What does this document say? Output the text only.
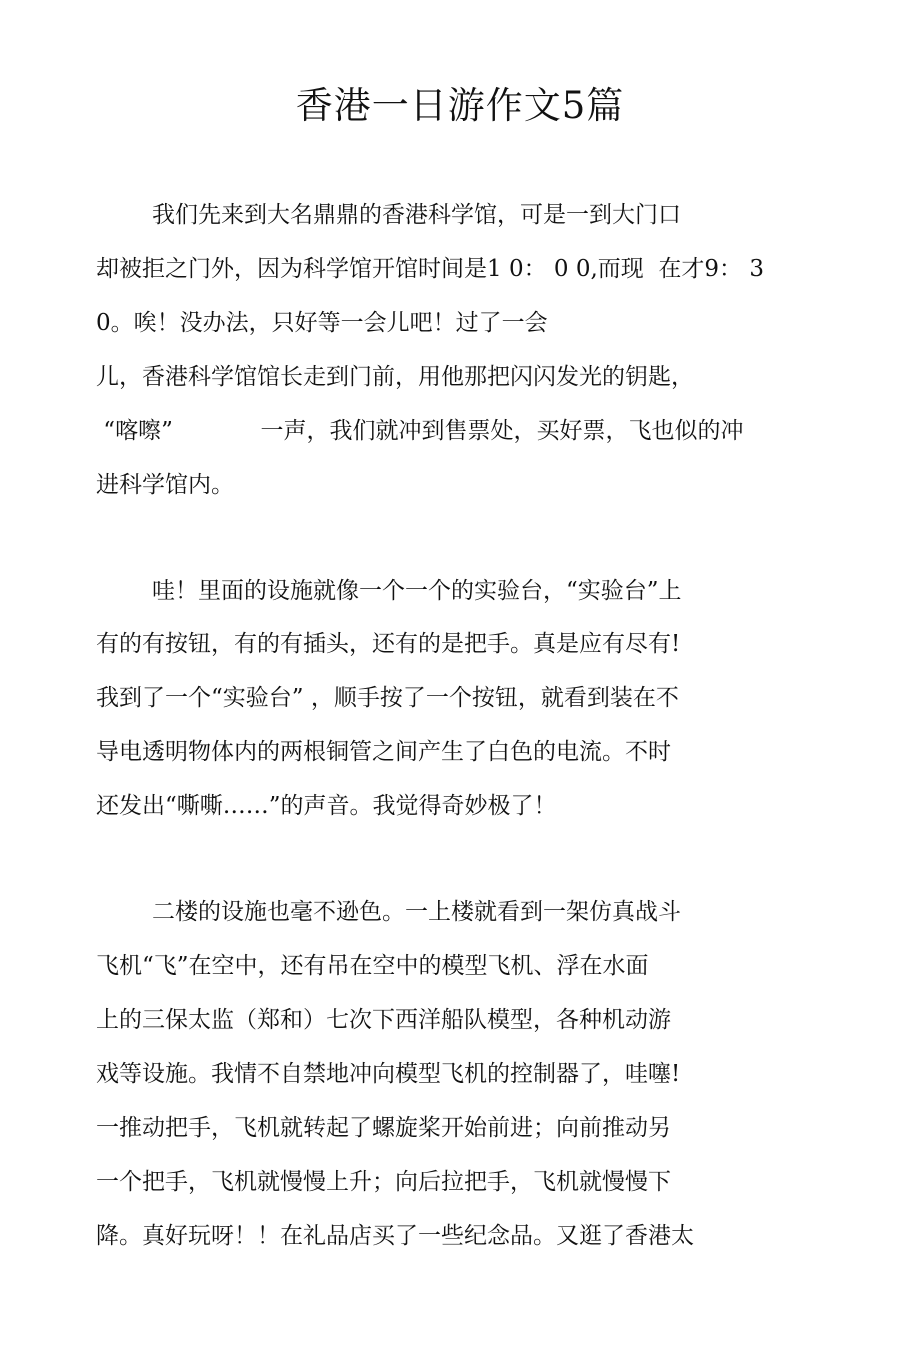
香港一日游作文5篇

我们先来到大名鼎鼎的香港科学馆，可是一到大门口

却被拒之门外，因为科学馆开馆时间是1 0： 0 0,而现  在才9： 3

0。唉！没办法，只好等一会儿吧！过了一会

儿，香港科学馆馆长走到门前，用他那把闪闪发光的钥匙，

“喀嚓”            一声，我们就冲到售票处，买好票，飞也似的冲

进科学馆内。

哇！里面的设施就像一个一个的实验台，“实验台”上

有的有按钮，有的有插头，还有的是把手。真是应有尽有!

我到了一个“实验台” ，顺手按了一个按钮，就看到装在不

导电透明物体内的两根铜管之间产生了白色的电流。不时

还发出“嘶嘶……”的声音。我觉得奇妙极了！

二楼的设施也毫不逊色。一上楼就看到一架仿真战斗

飞机“飞”在空中，还有吊在空中的模型飞机、浮在水面

上的三保太监（郑和）七次下西洋船队模型，各种机动游

戏等设施。我情不自禁地冲向模型飞机的控制器了，哇噻!

一推动把手，飞机就转起了螺旋桨开始前进；向前推动另

一个把手，飞机就慢慢上升；向后拉把手，飞机就慢慢下

降。真好玩呀！！在礼品店买了一些纪念品。又逛了香港太
